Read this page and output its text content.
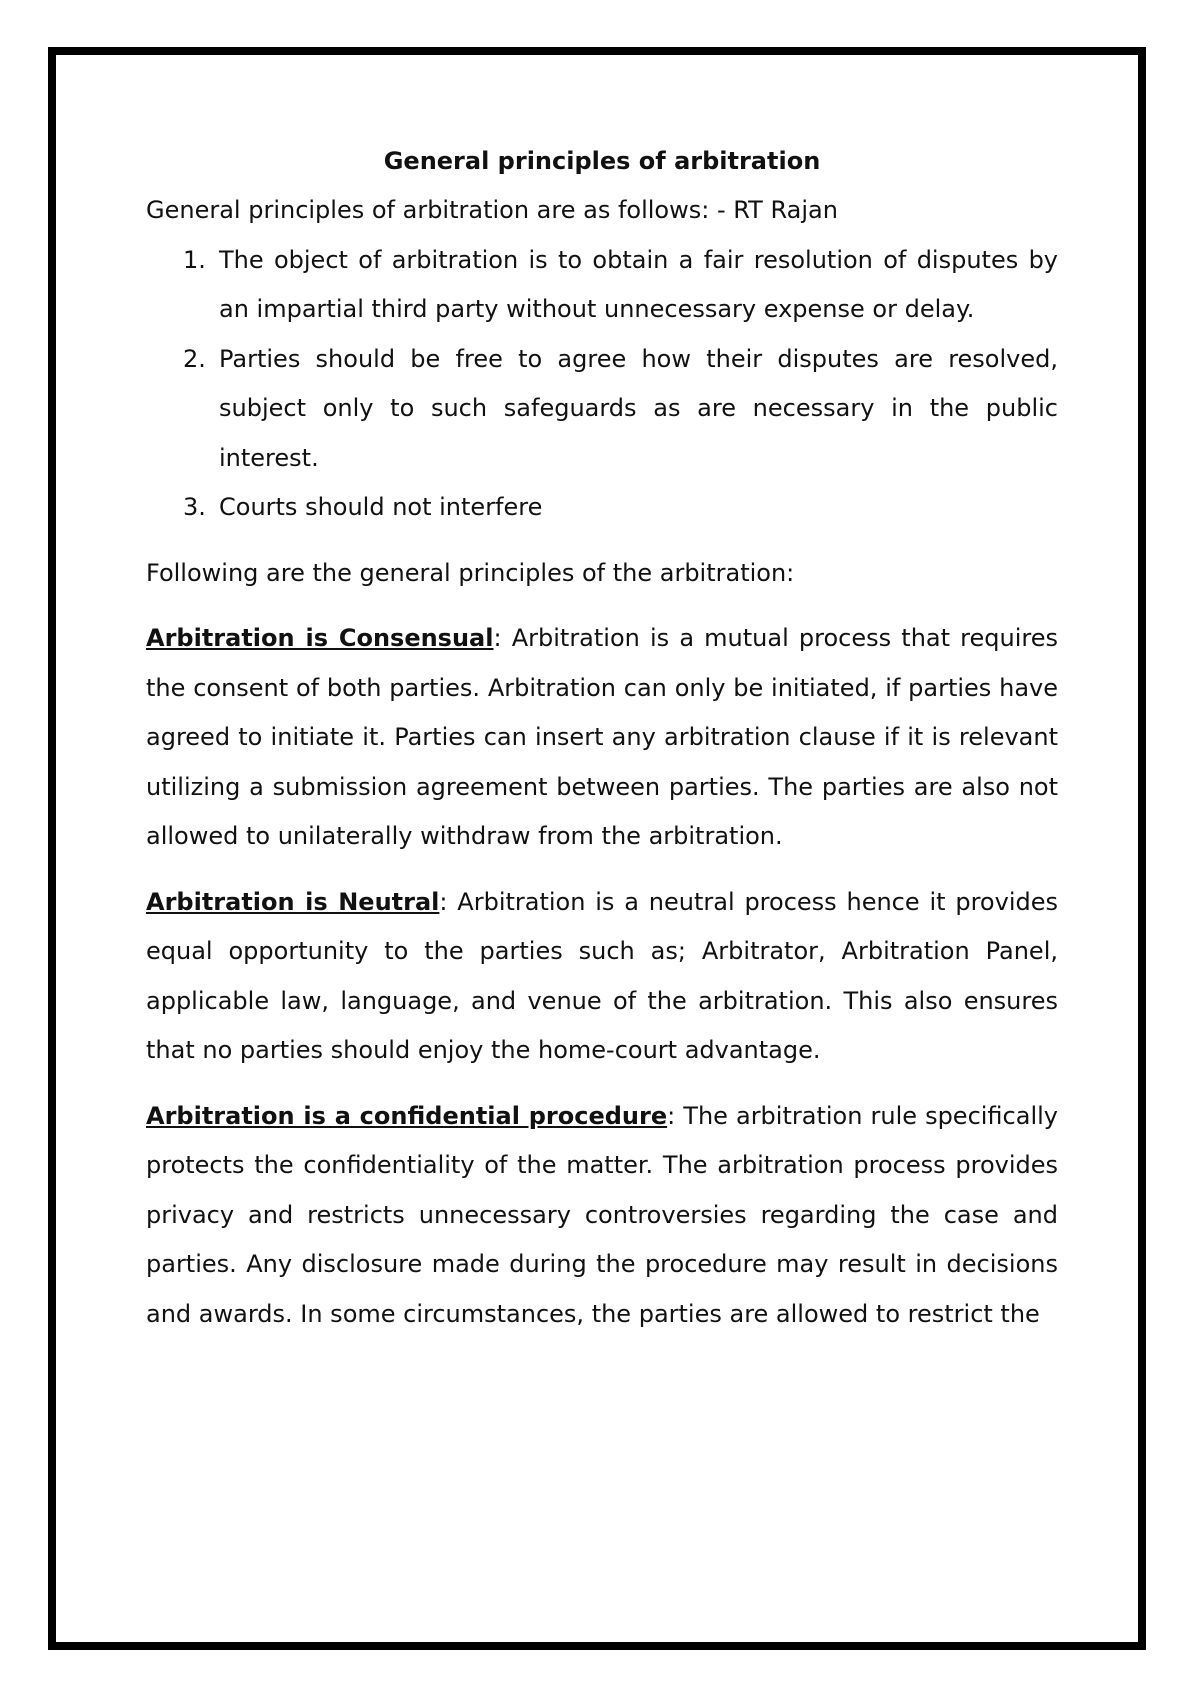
General principles of arbitration

General principles of arbitration are as follows: - RT Rajan

1. The object of arbitration is to obtain a fair resolution of disputes by an impartial third party without unnecessary expense or delay.
2. Parties should be free to agree how their disputes are resolved, subject only to such safeguards as are necessary in the public interest.
3. Courts should not interfere

Following are the general principles of the arbitration:

Arbitration is Consensual: Arbitration is a mutual process that requires the consent of both parties. Arbitration can only be initiated, if parties have agreed to initiate it. Parties can insert any arbitration clause if it is relevant utilizing a submission agreement between parties. The parties are also not allowed to unilaterally withdraw from the arbitration.

Arbitration is Neutral: Arbitration is a neutral process hence it provides equal opportunity to the parties such as; Arbitrator, Arbitration Panel, applicable law, language, and venue of the arbitration. This also ensures that no parties should enjoy the home-court advantage.

Arbitration is a confidential procedure: The arbitration rule specifically protects the confidentiality of the matter. The arbitration process provides privacy and restricts unnecessary controversies regarding the case and parties. Any disclosure made during the procedure may result in decisions and awards. In some circumstances, the parties are allowed to restrict the
